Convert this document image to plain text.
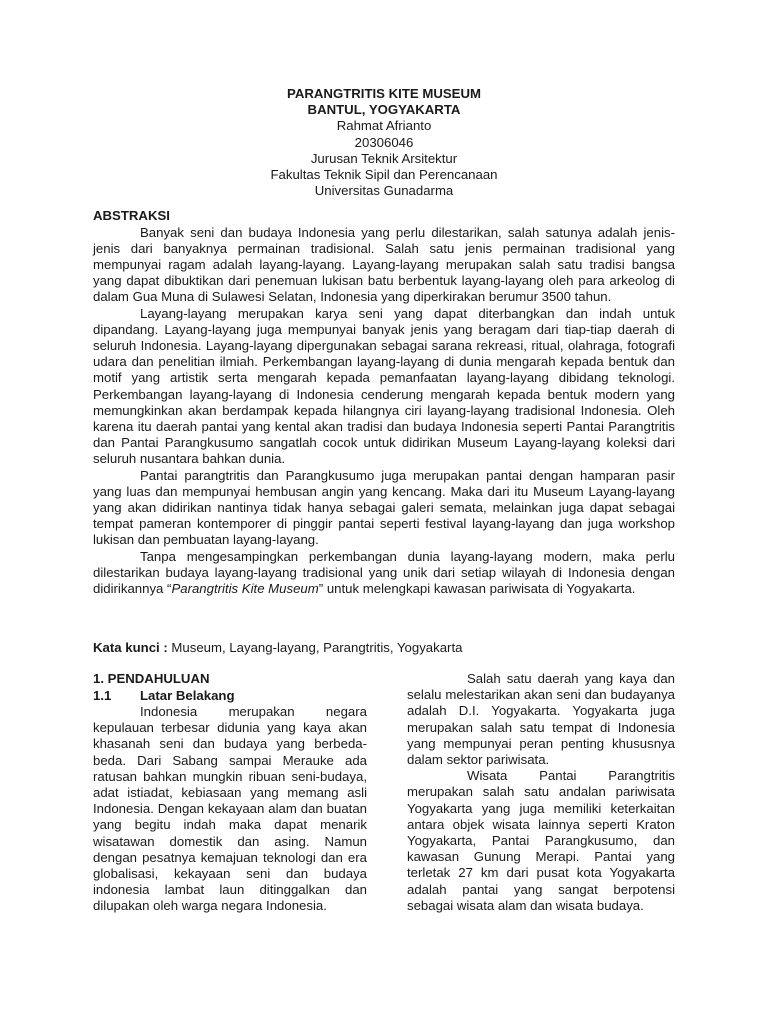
PARANGTRITIS KITE MUSEUM
BANTUL, YOGYAKARTA
Rahmat Afrianto
20306046
Jurusan Teknik Arsitektur
Fakultas Teknik Sipil dan Perencanaan
Universitas Gunadarma
ABSTRAKSI

Banyak seni dan budaya Indonesia yang perlu dilestarikan, salah satunya adalah jenis-jenis dari banyaknya permainan tradisional. Salah satu jenis permainan tradisional yang mempunyai ragam adalah layang-layang. Layang-layang merupakan salah satu tradisi bangsa yang dapat dibuktikan dari penemuan lukisan batu berbentuk layang-layang oleh para arkeolog di dalam Gua Muna di Sulawesi Selatan, Indonesia yang diperkirakan berumur 3500 tahun.

Layang-layang merupakan karya seni yang dapat diterbangkan dan indah untuk dipandang. Layang-layang juga mempunyai banyak jenis yang beragam dari tiap-tiap daerah di seluruh Indonesia. Layang-layang dipergunakan sebagai sarana rekreasi, ritual, olahraga, fotografi udara dan penelitian ilmiah. Perkembangan layang-layang di dunia mengarah kepada bentuk dan motif yang artistik serta mengarah kepada pemanfaatan layang-layang dibidang teknologi. Perkembangan layang-layang di Indonesia cenderung mengarah kepada bentuk modern yang memungkinkan akan berdampak kepada hilangnya ciri layang-layang tradisional Indonesia. Oleh karena itu daerah pantai yang kental akan tradisi dan budaya Indonesia seperti Pantai Parangtritis dan Pantai Parangkusumo sangatlah cocok untuk didirikan Museum Layang-layang koleksi dari seluruh nusantara bahkan dunia.

Pantai parangtritis dan Parangkusumo juga merupakan pantai dengan hamparan pasir yang luas dan mempunyai hembusan angin yang kencang. Maka dari itu Museum Layang-layang yang akan didirikan nantinya tidak hanya sebagai galeri semata, melainkan juga dapat sebagai tempat pameran kontemporer di pinggir pantai seperti festival layang-layang dan juga workshop lukisan dan pembuatan layang-layang.

Tanpa mengesampingkan perkembangan dunia layang-layang modern, maka perlu dilestarikan budaya layang-layang tradisional yang unik dari setiap wilayah di Indonesia dengan didirikannya “Parangtritis Kite Museum” untuk melengkapi kawasan pariwisata di Yogyakarta.

Kata kunci : Museum, Layang-layang, Parangtritis, Yogyakarta
1. PENDAHULUAN
1.1 Latar Belakang

Indonesia merupakan negara kepulauan terbesar didunia yang kaya akan khasanah seni dan budaya yang berbeda-beda. Dari Sabang sampai Merauke ada ratusan bahkan mungkin ribuan seni-budaya, adat istiadat, kebiasaan yang memang asli Indonesia. Dengan kekayaan alam dan buatan yang begitu indah maka dapat menarik wisatawan domestik dan asing. Namun dengan pesatnya kemajuan teknologi dan era globalisasi, kekayaan seni dan budaya indonesia lambat laun ditinggalkan dan dilupakan oleh warga negara Indonesia.

Salah satu daerah yang kaya dan selalu melestarikan akan seni dan budayanya adalah D.I. Yogyakarta. Yogyakarta juga merupakan salah satu tempat di Indonesia yang mempunyai peran penting khususnya dalam sektor pariwisata.

Wisata Pantai Parangtritis merupakan salah satu andalan pariwisata Yogyakarta yang juga memiliki keterkaitan antara objek wisata lainnya seperti Kraton Yogyakarta, Pantai Parangkusumo, dan kawasan Gunung Merapi. Pantai yang terletak 27 km dari pusat kota Yogyakarta adalah pantai yang sangat berpotensi sebagai wisata alam dan wisata budaya.
